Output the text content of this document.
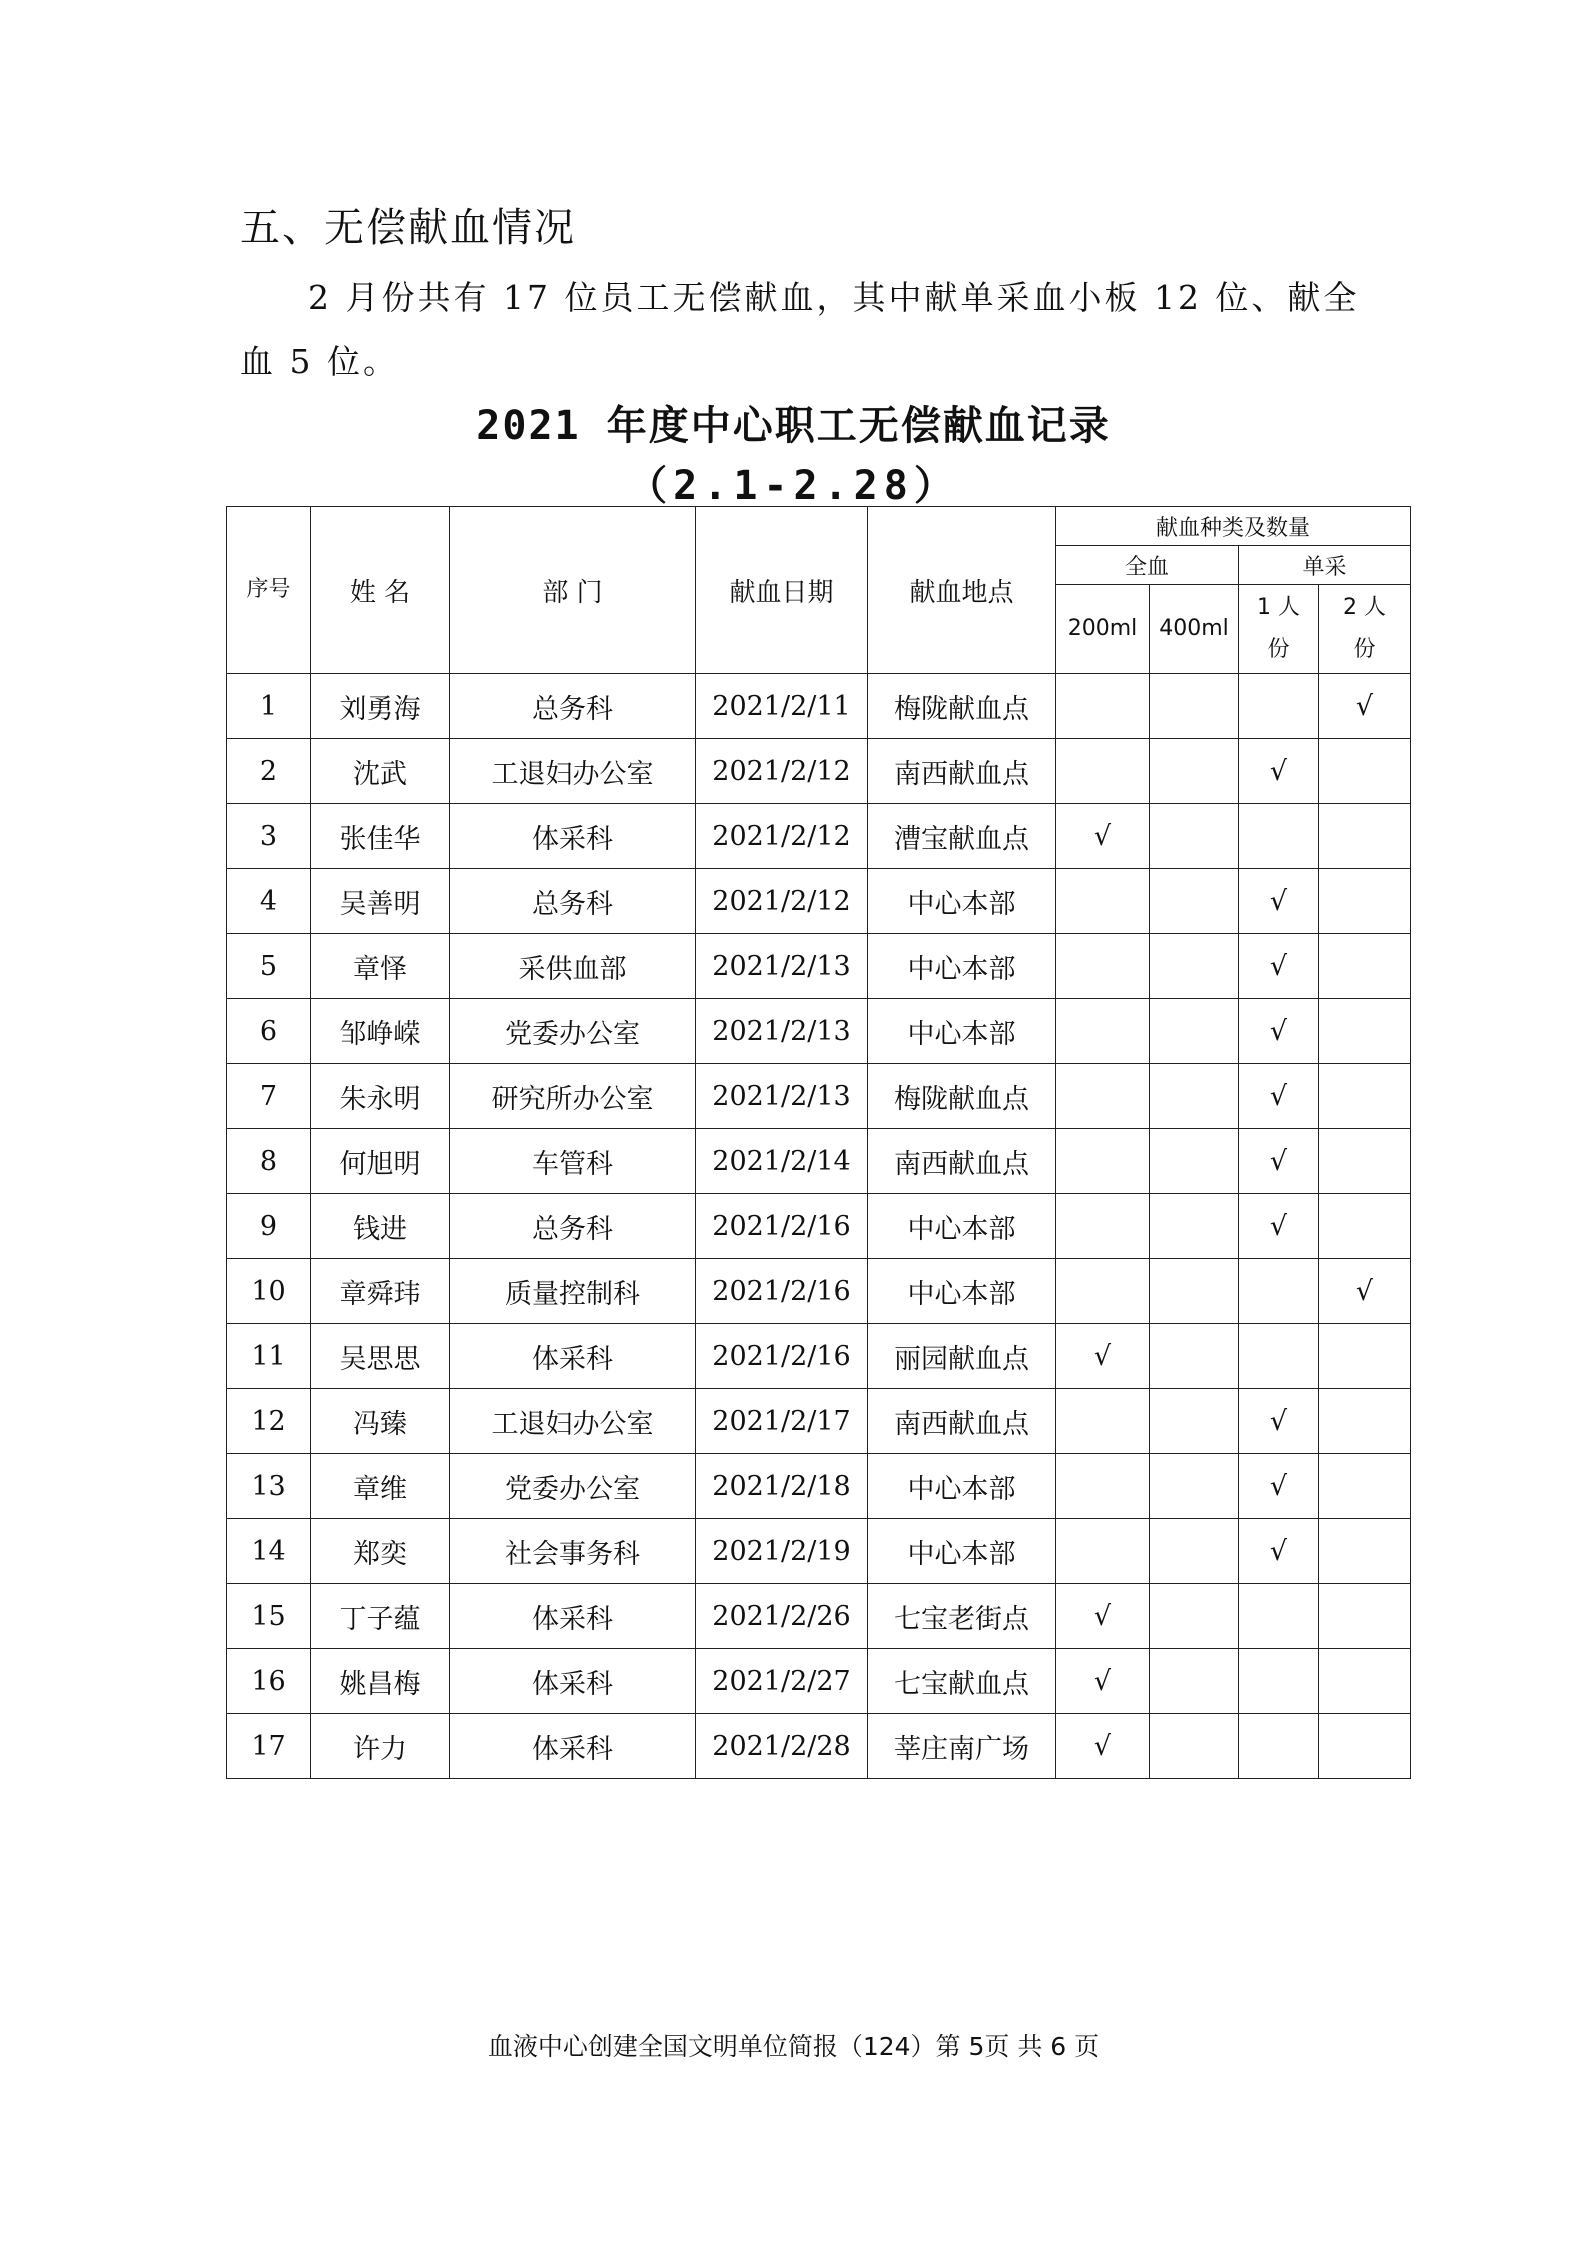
五、无偿献血情况

2 月份共有 17 位员工无偿献血，其中献单采血小板 12 位、献全血 5 位。

2021 年度中心职工无偿献血记录
（2.1-2.28）
序号	姓 名	部 门	献血日期	献血地点	献血种类及数量			
					全血		单采	
					200ml	400ml	1 人份	2 人份
1	刘勇海	总务科	2021/2/11	梅陇献血点				√
2	沈武	工退妇办公室	2021/2/12	南西献血点			√	
3	张佳华	体采科	2021/2/12	漕宝献血点	√			
4	吴善明	总务科	2021/2/12	中心本部			√	
5	章怿	采供血部	2021/2/13	中心本部			√	
6	邹峥嵘	党委办公室	2021/2/13	中心本部			√	
7	朱永明	研究所办公室	2021/2/13	梅陇献血点			√	
8	何旭明	车管科	2021/2/14	南西献血点			√	
9	钱进	总务科	2021/2/16	中心本部			√	
10	章舜玮	质量控制科	2021/2/16	中心本部				√
11	吴思思	体采科	2021/2/16	丽园献血点	√			
12	冯臻	工退妇办公室	2021/2/17	南西献血点			√	
13	章维	党委办公室	2021/2/18	中心本部			√	
14	郑奕	社会事务科	2021/2/19	中心本部			√	
15	丁子蕴	体采科	2021/2/26	七宝老街点	√			
16	姚昌梅	体采科	2021/2/27	七宝献血点	√			
17	许力	体采科	2021/2/28	莘庄南广场	√			
血液中心创建全国文明单位简报（124）第 5页 共 6 页
